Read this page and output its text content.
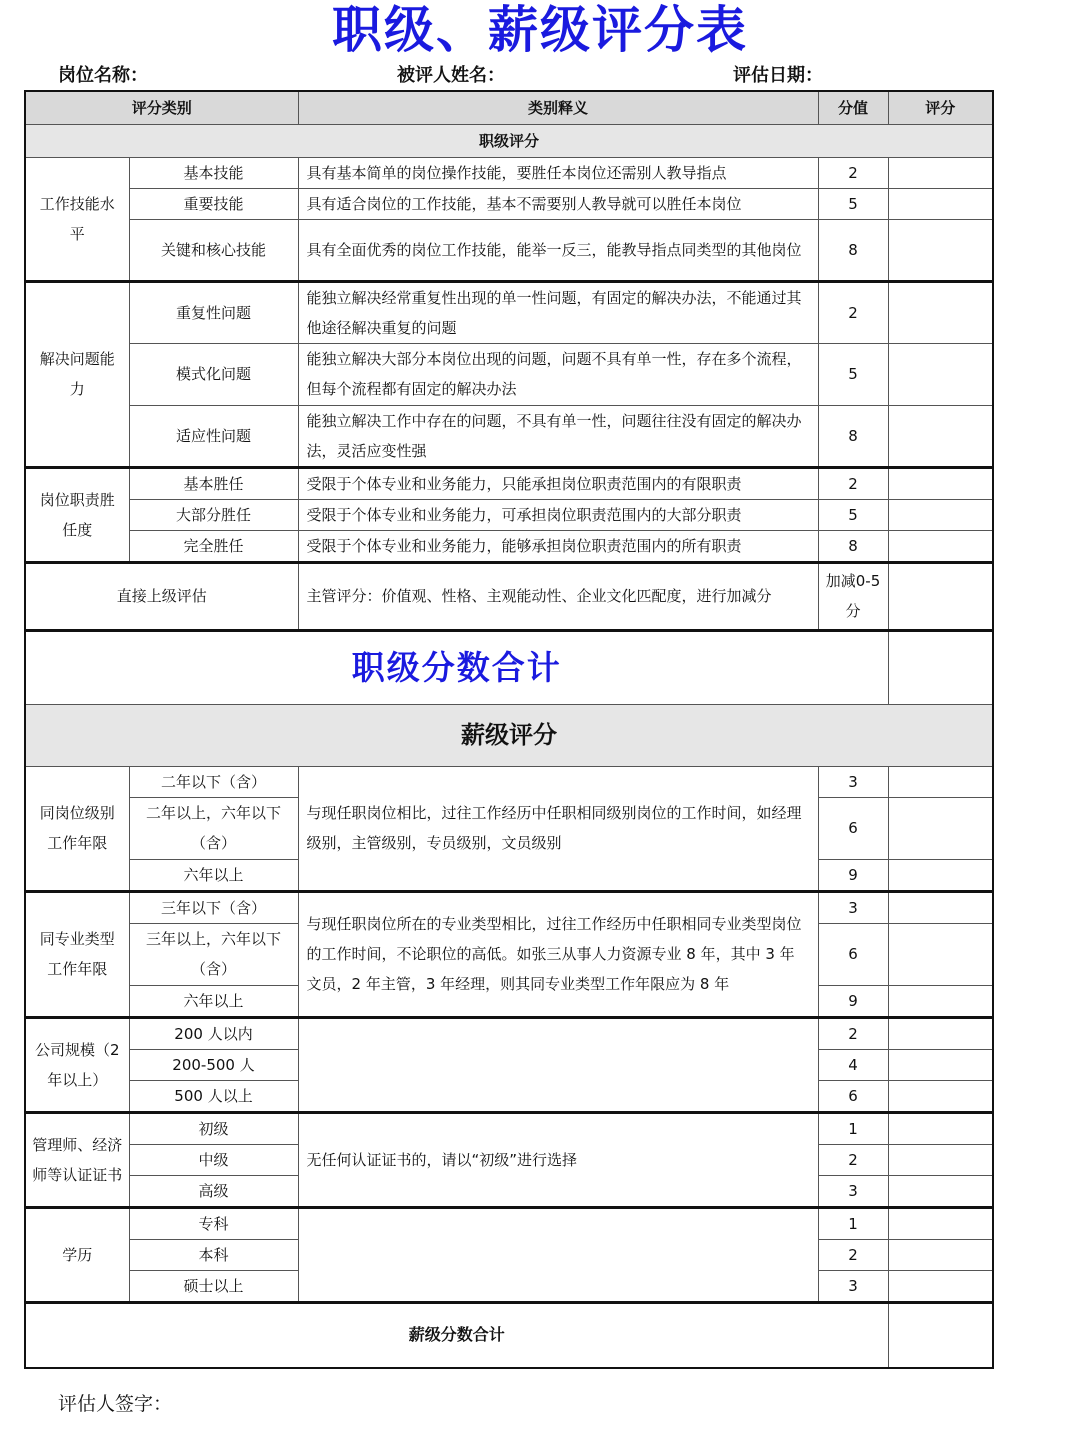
职级、薪级评分表
岗位名称：	被评人姓名：	评估日期：
评分类别		类别释义	分值	评分
职级评分				
工作技能水平	基本技能	具有基本简单的岗位操作技能，要胜任本岗位还需别人教导指点	2	
	重要技能	具有适合岗位的工作技能，基本不需要别人教导就可以胜任本岗位	5	
	关键和核心技能	具有全面优秀的岗位工作技能，能举一反三，能教导指点同类型的其他岗位	8	
解决问题能力	重复性问题	能独立解决经常重复性出现的单一性问题，有固定的解决办法，不能通过其他途径解决重复的问题	2	
	模式化问题	能独立解决大部分本岗位出现的问题，问题不具有单一性，存在多个流程，但每个流程都有固定的解决办法	5	
	适应性问题	能独立解决工作中存在的问题，不具有单一性，问题往往没有固定的解决办法，灵活应变性强	8	
岗位职责胜任度	基本胜任	受限于个体专业和业务能力，只能承担岗位职责范围内的有限职责	2	
	大部分胜任	受限于个体专业和业务能力，可承担岗位职责范围内的大部分职责	5	
	完全胜任	受限于个体专业和业务能力，能够承担岗位职责范围内的所有职责	8	
直接上级评估		主管评分：价值观、性格、主观能动性、企业文化匹配度，进行加减分	加减0-5分	
职级分数合计				
薪级评分				
同岗位级别工作年限	二年以下（含）	与现任职岗位相比，过往工作经历中任职相同级别岗位的工作时间，如经理级别，主管级别，专员级别，文员级别	3	
	二年以上，六年以下（含）		6	
	六年以上		9	
同专业类型工作年限	三年以下（含）	与现任职岗位所在的专业类型相比，过往工作经历中任职相同专业类型岗位的工作时间，不论职位的高低。如张三从事人力资源专业 8 年，其中 3 年文员，2 年主管，3 年经理，则其同专业类型工作年限应为 8 年	3	
	三年以上，六年以下（含）		6	
	六年以上		9	
公司规模（2年以上）	200 人以内		2	
	200-500 人		4	
	500 人以上		6	
管理师、经济师等认证证书	初级	无任何认证证书的，请以“初级”进行选择	1	
	中级		2	
	高级		3	
学历	专科		1	
	本科		2	
	硕士以上		3	
薪级分数合计				
评估人签字：
